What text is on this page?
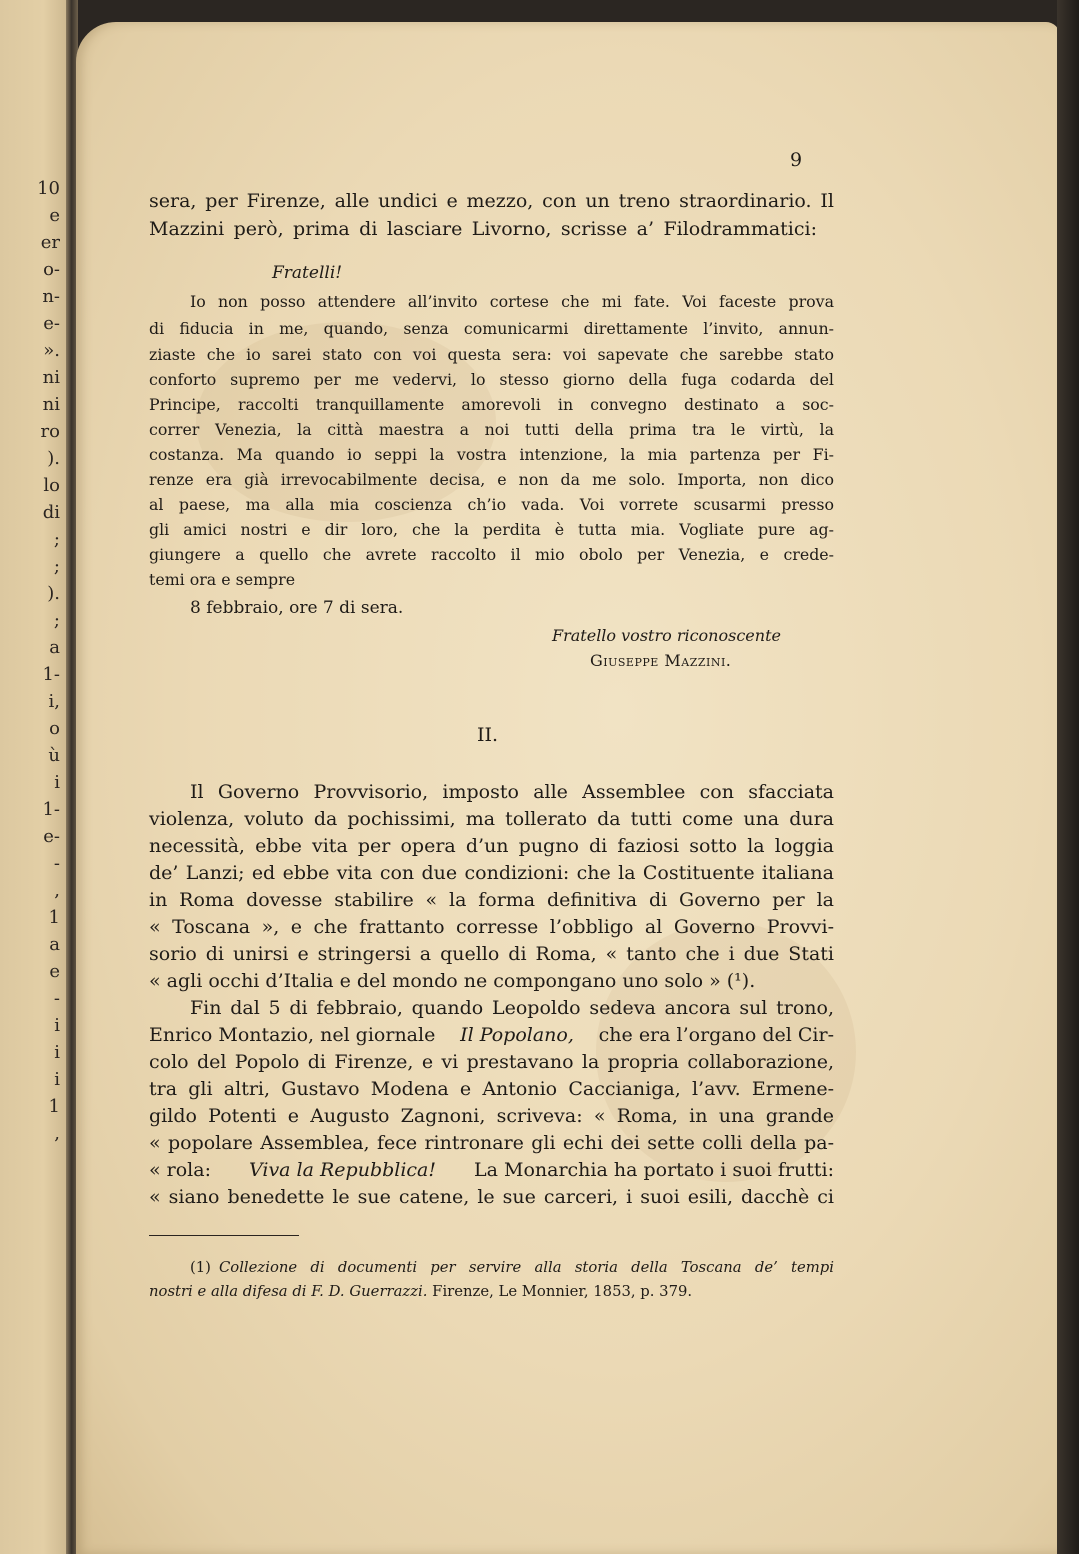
10
e
er
o-
n-
e-
».
ni
ni
ro
).
lo
di
;
;
).
;
a
1-
i,
o
ù
i
1-
e-
-
,
1
a
e
-
i
i
i
1
,
9
sera, per Firenze, alle undici e mezzo, con un treno straordinario. Il
Mazzini però, prima di lasciare Livorno, scrisse a’ Filodrammatici:
Fratelli!
Io non posso attendere all’invito cortese che mi fate. Voi faceste prova
di fiducia in me, quando, senza comunicarmi direttamente l’invito, annun-
ziaste che io sarei stato con voi questa sera: voi sapevate che sarebbe stato
conforto supremo per me vedervi, lo stesso giorno della fuga codarda del
Principe, raccolti tranquillamente amorevoli in convegno destinato a soc-
correr Venezia, la città maestra a noi tutti della prima tra le virtù, la
costanza. Ma quando io seppi la vostra intenzione, la mia partenza per Fi-
renze era già irrevocabilmente decisa, e non da me solo. Importa, non dico
al paese, ma alla mia coscienza ch’io vada. Voi vorrete scusarmi presso
gli amici nostri e dir loro, che la perdita è tutta mia. Vogliate pure ag-
giungere a quello che avrete raccolto il mio obolo per Venezia, e crede-
temi ora e sempre
8 febbraio, ore 7 di sera.
Fratello vostro riconoscente
Giuseppe Mazzini.
II.
Il Governo Provvisorio, imposto alle Assemblee con sfacciata
violenza, voluto da pochissimi, ma tollerato da tutti come una dura
necessità, ebbe vita per opera d’un pugno di faziosi sotto la loggia
de’ Lanzi; ed ebbe vita con due condizioni: che la Costituente italiana
in Roma dovesse stabilire « la forma definitiva di Governo per la
« Toscana », e che frattanto corresse l’obbligo al Governo Provvi-
sorio di unirsi e stringersi a quello di Roma, « tanto che i due Stati
« agli occhi d’Italia e del mondo ne compongano uno solo » (¹).
Fin dal 5 di febbraio, quando Leopoldo sedeva ancora sul trono,
Enrico Montazio, nel giornale Il Popolano, che era l’organo del Cir-
colo del Popolo di Firenze, e vi prestavano la propria collaborazione,
tra gli altri, Gustavo Modena e Antonio Caccianiga, l’avv. Ermene-
gildo Potenti e Augusto Zagnoni, scriveva: « Roma, in una grande
« popolare Assemblea, fece rintronare gli echi dei sette colli della pa-
« rola: Viva la Repubblica! La Monarchia ha portato i suoi frutti:
« siano benedette le sue catene, le sue carceri, i suoi esili, dacchè ci
(1) Collezione di documenti per servire alla storia della Toscana de’ tempi
nostri e alla difesa di F. D. Guerrazzi. Firenze, Le Monnier, 1853, p. 379.
